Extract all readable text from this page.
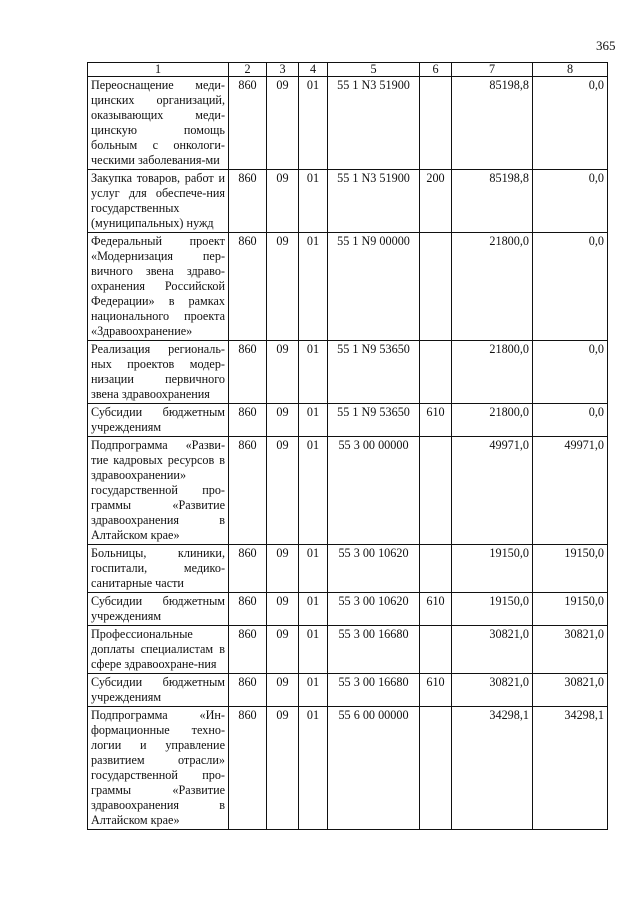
365
1	2	3	4	5	6	7	8
Переоснащение меди-цинских организаций, оказывающих меди-цинскую помощь больным с онкологи-ческими заболевания-ми	860	09	01	55 1 N3 51900		85198,8	0,0
Закупка товаров, работ и услуг для обеспече-ния государственных (муниципальных) нужд	860	09	01	55 1 N3 51900	200	85198,8	0,0
Федеральный проект «Модернизация пер-вичного звена здраво-охранения Российской Федерации» в рамках национального проекта «Здравоохранение»	860	09	01	55 1 N9 00000		21800,0	0,0
Реализация региональ-ных проектов модер-низации первичного звена здравоохранения	860	09	01	55 1 N9 53650		21800,0	0,0
Субсидии бюджетным учреждениям	860	09	01	55 1 N9 53650	610	21800,0	0,0
Подпрограмма «Разви-тие кадровых ресурсов в здравоохранении» государственной про-граммы «Развитие здравоохранения в Алтайском крае»	860	09	01	55 3 00 00000		49971,0	49971,0
Больницы, клиники, госпитали, медико-санитарные части	860	09	01	55 3 00 10620		19150,0	19150,0
Субсидии бюджетным учреждениям	860	09	01	55 3 00 10620	610	19150,0	19150,0
Профессиональные доплаты специалистам в сфере здравоохране-ния	860	09	01	55 3 00 16680		30821,0	30821,0
Субсидии бюджетным учреждениям	860	09	01	55 3 00 16680	610	30821,0	30821,0
Подпрограмма «Ин-формационные техно-логии и управление развитием отрасли» государственной про-граммы «Развитие здравоохранения в Алтайском крае»	860	09	01	55 6 00 00000		34298,1	34298,1
